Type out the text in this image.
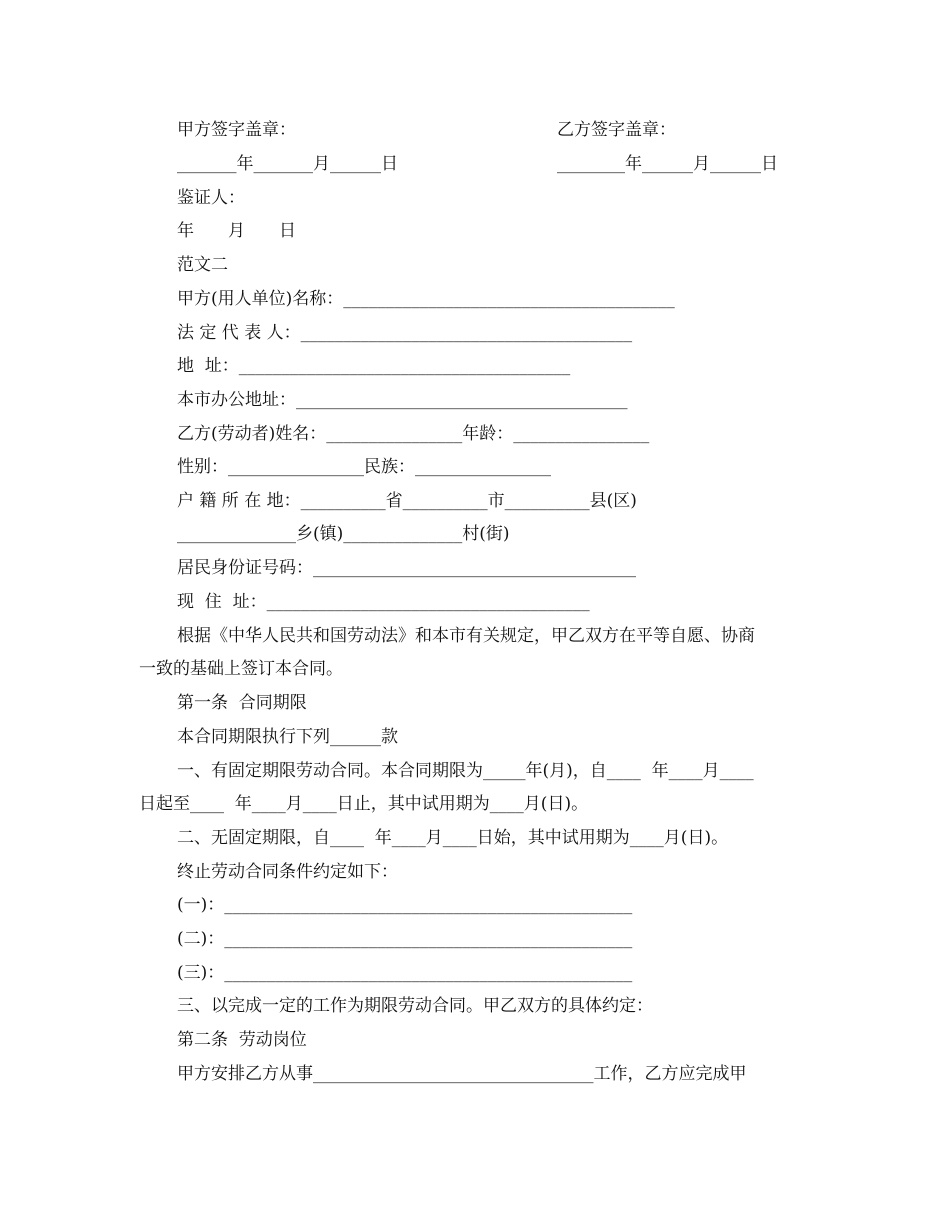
甲方签字盖章：	乙方签字盖章：
_______年_______月______日	________年______月______日
鉴证人：
年　　月　　日
范文二
甲方(用人单位)名称：_______________________________________
法 定 代 表 人：_______________________________________
地  址：_______________________________________
本市办公地址：_______________________________________
乙方(劳动者)姓名：________________年龄：________________
性别：________________民族：________________
户 籍 所 在 地：__________省__________市__________县(区)
______________乡(镇)______________村(街)
居民身份证号码：______________________________________
现  住  址：______________________________________
根据《中华人民共和国劳动法》和本市有关规定，甲乙双方在平等自愿、协商
一致的基础上签订本合同。
第一条  合同期限
本合同期限执行下列______款
一、有固定期限劳动合同。本合同期限为_____年(月)，自____  年____月____
日起至____  年____月____日止，其中试用期为____月(日)。
二、无固定期限，自____  年____月____日始，其中试用期为____月(日)。
终止劳动合同条件约定如下：
(一)：________________________________________________
(二)：________________________________________________
(三)：________________________________________________
三、以完成一定的工作为期限劳动合同。甲乙双方的具体约定：
第二条  劳动岗位
甲方安排乙方从事_________________________________工作，乙方应完成甲
